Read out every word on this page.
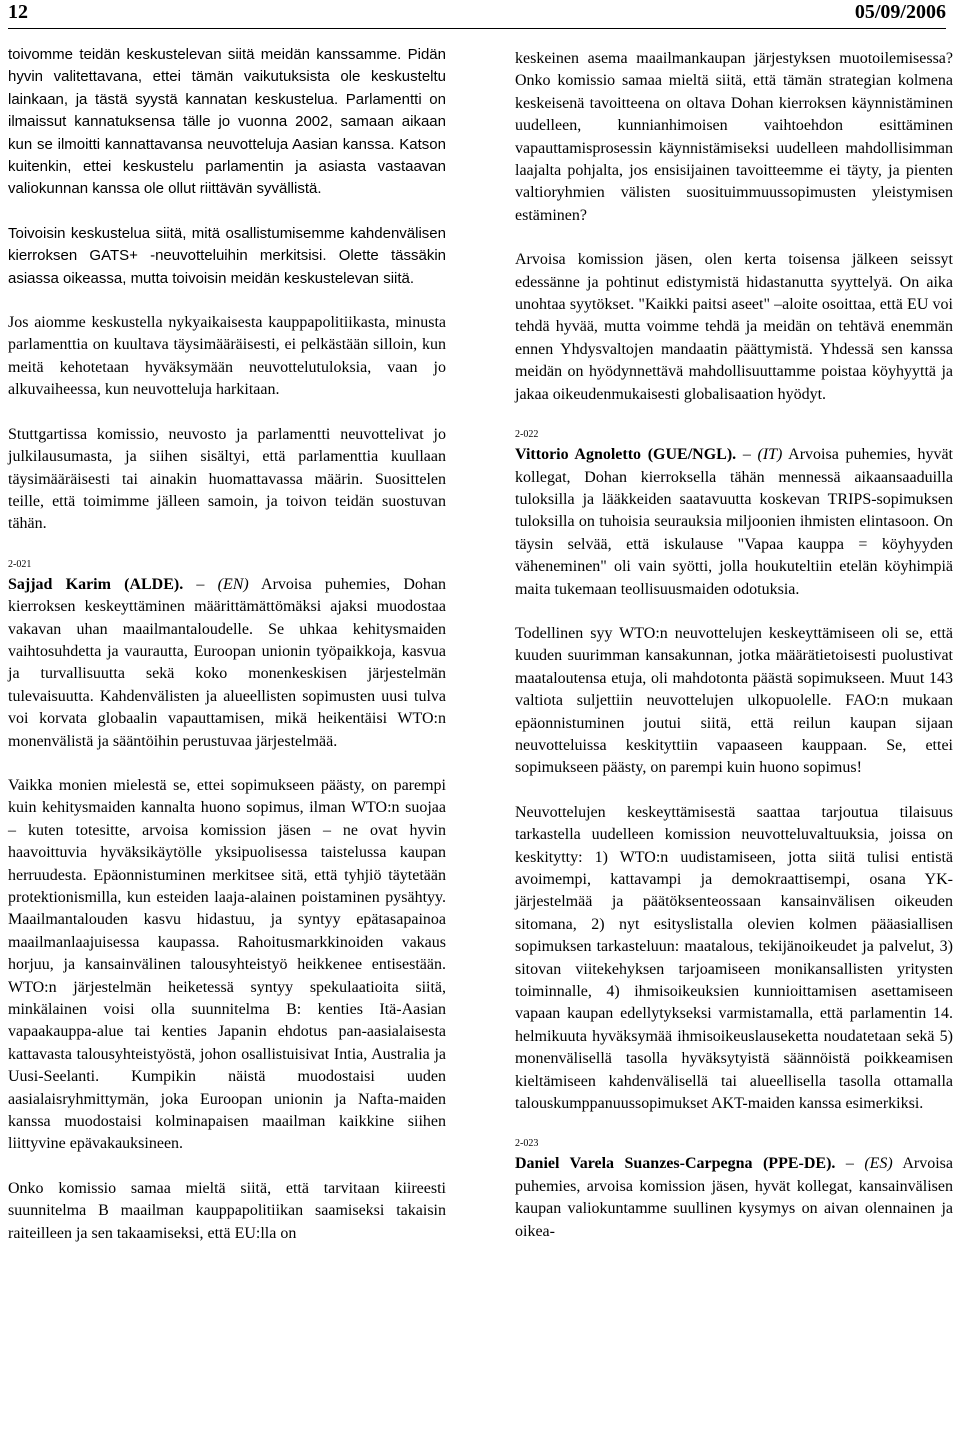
12	05/09/2006

toivomme teidän keskustelevan siitä meidän kanssamme. Pidän hyvin valitettavana, ettei tämän vaikutuksista ole keskusteltu lainkaan, ja tästä syystä kannatan keskustelua. Parlamentti on ilmaissut kannatuksensa tälle jo vuonna 2002, samaan aikaan kun se ilmoitti kannattavansa neuvotteluja Aasian kanssa. Katson kuitenkin, ettei keskustelu parlamentin ja asiasta vastaavan valiokunnan kanssa ole ollut riittävän syvällistä.

Toivoisin keskustelua siitä, mitä osallistumisemme kahdenvälisen kierroksen GATS+ -neuvotteluihin merkitsisi. Olette tässäkin asiassa oikeassa, mutta toivoisin meidän keskustelevan siitä.

Jos aiomme keskustella nykyaikaisesta kauppapolitiikasta, minusta parlamenttia on kuultava täysimääräisesti, ei pelkästään silloin, kun meitä kehotetaan hyväksymään neuvottelutuloksia, vaan jo alkuvaiheessa, kun neuvotteluja harkitaan.

Stuttgartissa komissio, neuvosto ja parlamentti neuvottelivat jo julkilausumasta, ja siihen sisältyi, että parlamenttia kuullaan täysimääräisesti tai ainakin huomattavassa määrin. Suosittelen teille, että toimimme jälleen samoin, ja toivon teidän suostuvan tähän.

2-021

Sajjad Karim (ALDE). – (EN) Arvoisa puhemies, Dohan kierroksen keskeyttäminen määrittämättömäksi ajaksi muodostaa vakavan uhan maailmantaloudelle. Se uhkaa kehitysmaiden vaihtosuhdetta ja vaurautta, Euroopan unionin työpaikkoja, kasvua ja turvallisuutta sekä koko monenkeskisen järjestelmän tulevaisuutta. Kahdenvälisten ja alueellisten sopimusten uusi tulva voi korvata globaalin vapauttamisen, mikä heikentäisi WTO:n monenvälistä ja sääntöihin perustuvaa järjestelmää.

Vaikka monien mielestä se, ettei sopimukseen päästy, on parempi kuin kehitysmaiden kannalta huono sopimus, ilman WTO:n suojaa – kuten totesitte, arvoisa komission jäsen – ne ovat hyvin haavoittuvia hyväksikäytölle yksipuolisessa taistelussa kaupan herruudesta. Epäonnistuminen merkitsee sitä, että tyhjiö täytetään protektionismilla, kun esteiden laaja-alainen poistaminen pysähtyy. Maailmantalouden kasvu hidastuu, ja syntyy epätasapainoa maailmanlaajuisessa kaupassa. Rahoitusmarkkinoiden vakaus horjuu, ja kansainvälinen talousyhteistyö heikkenee entisestään. WTO:n järjestelmän heiketessä syntyy spekulaatioita siitä, minkälainen voisi olla suunnitelma B: kenties Itä-Aasian vapaakauppa-alue tai kenties Japanin ehdotus pan-aasialaisesta kattavasta talousyhteistyöstä, johon osallistuisivat Intia, Australia ja Uusi-Seelanti. Kumpikin näistä muodostaisi uuden aasialaisryhmittymän, joka Euroopan unionin ja Nafta-maiden kanssa muodostaisi kolminapaisen maailman kaikkine siihen liittyvine epävakauksineen.

Onko komissio samaa mieltä siitä, että tarvitaan kiireesti suunnitelma B maailman kauppapolitiikan saamiseksi takaisin raiteilleen ja sen takaamiseksi, että EU:lla on

keskeinen asema maailmankaupan järjestyksen muotoilemisessa? Onko komissio samaa mieltä siitä, että tämän strategian kolmena keskeisenä tavoitteena on oltava Dohan kierroksen käynnistäminen uudelleen, kunnianhimoisen vaihtoehdon esittäminen vapauttamisprosessin käynnistämiseksi uudelleen mahdollisimman laajalta pohjalta, jos ensisijainen tavoitteemme ei täyty, ja pienten valtioryhmien välisten suosituimmuussopimusten yleistymisen estäminen?

Arvoisa komission jäsen, olen kerta toisensa jälkeen seissyt edessänne ja pohtinut edistymistä hidastanutta syyttelyä. On aika unohtaa syytökset. "Kaikki paitsi aseet" –aloite osoittaa, että EU voi tehdä hyvää, mutta voimme tehdä ja meidän on tehtävä enemmän ennen Yhdysvaltojen mandaatin päättymistä. Yhdessä sen kanssa meidän on hyödynnettävä mahdollisuuttamme poistaa köyhyyttä ja jakaa oikeudenmukaisesti globalisaation hyödyt.

2-022

Vittorio Agnoletto (GUE/NGL). – (IT) Arvoisa puhemies, hyvät kollegat, Dohan kierroksella tähän mennessä aikaansaaduilla tuloksilla ja lääkkeiden saatavuutta koskevan TRIPS-sopimuksen tuloksilla on tuhoisia seurauksia miljoonien ihmisten elintasoon. On täysin selvää, että iskulause "Vapaa kauppa = köyhyyden väheneminen" oli vain syötti, jolla houkuteltiin etelän köyhimpiä maita tukemaan teollisuusmaiden odotuksia.

Todellinen syy WTO:n neuvottelujen keskeyttämiseen oli se, että kuuden suurimman kansakunnan, jotka määrätietoisesti puolustivat maataloutensa etuja, oli mahdotonta päästä sopimukseen. Muut 143 valtiota suljettiin neuvottelujen ulkopuolelle. FAO:n mukaan epäonnistuminen joutui siitä, että reilun kaupan sijaan neuvotteluissa keskityttiin vapaaseen kauppaan. Se, ettei sopimukseen päästy, on parempi kuin huono sopimus!

Neuvottelujen keskeyttämisestä saattaa tarjoutua tilaisuus tarkastella uudelleen komission neuvotteluvaltuuksia, joissa on keskitytty: 1) WTO:n uudistamiseen, jotta siitä tulisi entistä avoimempi, kattavampi ja demokraattisempi, osana YK-järjestelmää ja päätöksenteossaan kansainvälisen oikeuden sitomana, 2) nyt esityslistalla olevien kolmen pääasiallisen sopimuksen tarkasteluun: maatalous, tekijänoikeudet ja palvelut, 3) sitovan viitekehyksen tarjoamiseen monikansallisten yritysten toiminnalle, 4) ihmisoikeuksien kunnioittamisen asettamiseen vapaan kaupan edellytykseksi varmistamalla, että parlamentin 14. helmikuuta hyväksymää ihmisoikeuslauseketta noudatetaan sekä 5) monenvälisellä tasolla hyväksytyistä säännöistä poikkeamisen kieltämiseen kahdenvälisellä tai alueellisella tasolla ottamalla talouskumppanuussopimukset AKT-maiden kanssa esimerkiksi.

2-023

Daniel Varela Suanzes-Carpegna (PPE-DE). – (ES) Arvoisa puhemies, arvoisa komission jäsen, hyvät kollegat, kansainvälisen kaupan valiokuntamme suullinen kysymys on aivan olennainen ja oikea-
